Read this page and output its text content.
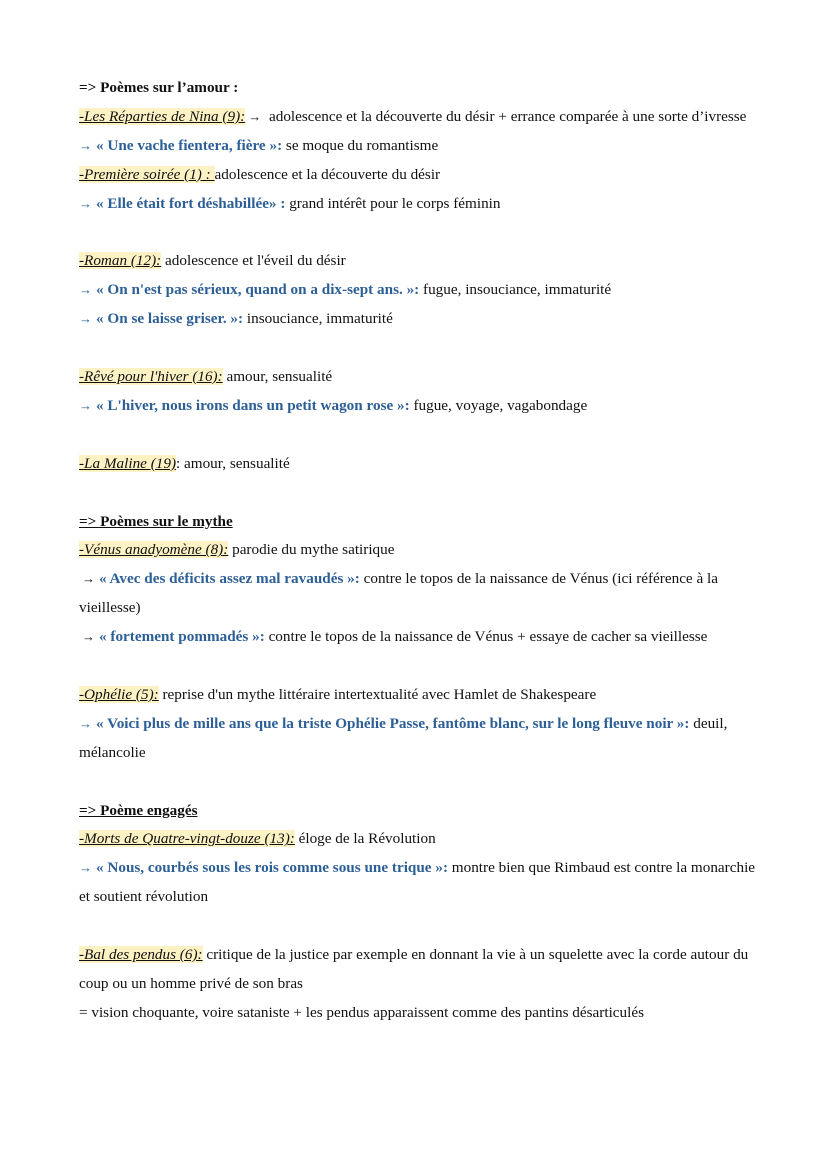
=> Poèmes sur l’amour :

-Les Réparties de Nina (9): → adolescence et la découverte du désir + errance comparée à une sorte d’ivresse

→ « Une vache fientera, fière »: se moque du romantisme

-Première soirée (1) : adolescence et la découverte du désir

→ « Elle était fort déshabillée» : grand intérêt pour le corps féminin

-Roman (12): adolescence et l'éveil du désir

→ « On n'est pas sérieux, quand on a dix-sept ans. »: fugue, insouciance, immaturité

→ « On se laisse griser. »: insouciance, immaturité

-Rêvé pour l'hiver (16): amour, sensualité

→ « L'hiver, nous irons dans un petit wagon rose »: fugue, voyage, vagabondage

-La Maline (19): amour, sensualité

=> Poèmes sur le mythe

-Vénus anadyomène (8): parodie du mythe satirique

→ « Avec des déficits assez mal ravaudés »: contre le topos de la naissance de Vénus (ici référence à la vieillesse)

→ « fortement pommadés »: contre le topos de la naissance de Vénus + essaye de cacher sa vieillesse

-Ophélie (5): reprise d'un mythe littéraire intertextualité avec Hamlet de Shakespeare

→ « Voici plus de mille ans que la triste Ophélie Passe, fantôme blanc, sur le long fleuve noir »: deuil, mélancolie

=> Poème engagés

-Morts de Quatre-vingt-douze (13): éloge de la Révolution

→ « Nous, courbés sous les rois comme sous une trique »: montre bien que Rimbaud est contre la monarchie et soutient révolution

-Bal des pendus (6): critique de la justice par exemple en donnant la vie à un squelette avec la corde autour du coup ou un homme privé de son bras

= vision choquante, voire sataniste + les pendus apparaissent comme des pantins désarticulés
